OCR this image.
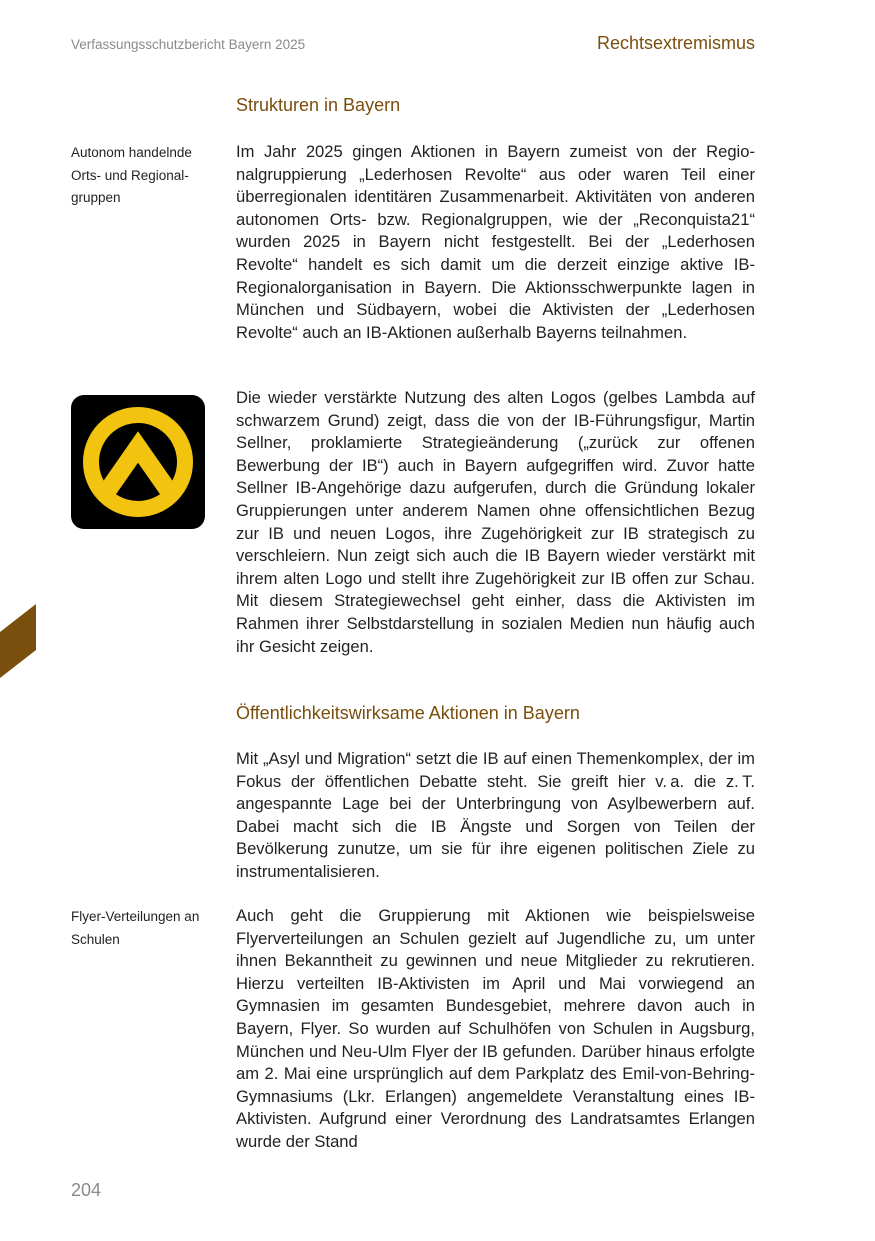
Verfassungsschutzbericht Bayern 2025	Rechtsextremismus
Strukturen in Bayern

Autonom handelnde Orts- und Regionalgruppen

Im Jahr 2025 gingen Aktionen in Bayern zumeist von der Regionalgruppierung „Lederhosen Revolte“ aus oder waren Teil einer überregionalen identitären Zusammenarbeit. Aktivitäten von anderen autonomen Orts- bzw. Regionalgruppen, wie der „Reconquista21“ wurden 2025 in Bayern nicht festgestellt. Bei der „Lederhosen Revolte“ handelt es sich damit um die derzeit einzige aktive IB-Regionalorganisation in Bayern. Die Aktionsschwerpunkte lagen in München und Südbayern, wobei die Aktivisten der „Lederhosen Revolte“ auch an IB-Aktionen außerhalb Bayerns teilnahmen.

Die wieder verstärkte Nutzung des alten Logos (gelbes Lambda auf schwarzem Grund) zeigt, dass die von der IB-Führungsfigur, Martin Sellner, proklamierte Strategieänderung („zurück zur offenen Bewerbung der IB“) auch in Bayern aufgegriffen wird. Zuvor hatte Sellner IB-Angehörige dazu aufgerufen, durch die Gründung lokaler Gruppierungen unter anderem Namen ohne offensichtlichen Bezug zur IB und neuen Logos, ihre Zugehörigkeit zur IB strategisch zu verschleiern. Nun zeigt sich auch die IB Bayern wieder verstärkt mit ihrem alten Logo und stellt ihre Zugehörigkeit zur IB offen zur Schau. Mit diesem Strategiewechsel geht einher, dass die Aktivisten im Rahmen ihrer Selbstdarstellung in sozialen Medien nun häufig auch ihr Gesicht zeigen.

Öffentlichkeitswirksame Aktionen in Bayern

Mit „Asyl und Migration“ setzt die IB auf einen Themenkomplex, der im Fokus der öffentlichen Debatte steht. Sie greift hier v. a. die z. T. angespannte Lage bei der Unterbringung von Asylbewerbern auf. Dabei macht sich die IB Ängste und Sorgen von Teilen der Bevölkerung zunutze, um sie für ihre eigenen politischen Ziele zu instrumentalisieren.

Flyer-Verteilungen an Schulen

Auch geht die Gruppierung mit Aktionen wie beispielsweise Flyerverteilungen an Schulen gezielt auf Jugendliche zu, um unter ihnen Bekanntheit zu gewinnen und neue Mitglieder zu rekrutieren. Hierzu verteilten IB-Aktivisten im April und Mai vorwiegend an Gymnasien im gesamten Bundesgebiet, mehrere davon auch in Bayern, Flyer. So wurden auf Schulhöfen von Schulen in Augsburg, München und Neu-Ulm Flyer der IB gefunden. Darüber hinaus erfolgte am 2. Mai eine ursprünglich auf dem Parkplatz des Emil-von-Behring-Gymnasiums (Lkr. Erlangen) angemeldete Veranstaltung eines IB-Aktivisten. Aufgrund einer Verordnung des Landratsamtes Erlangen wurde der Stand

204
